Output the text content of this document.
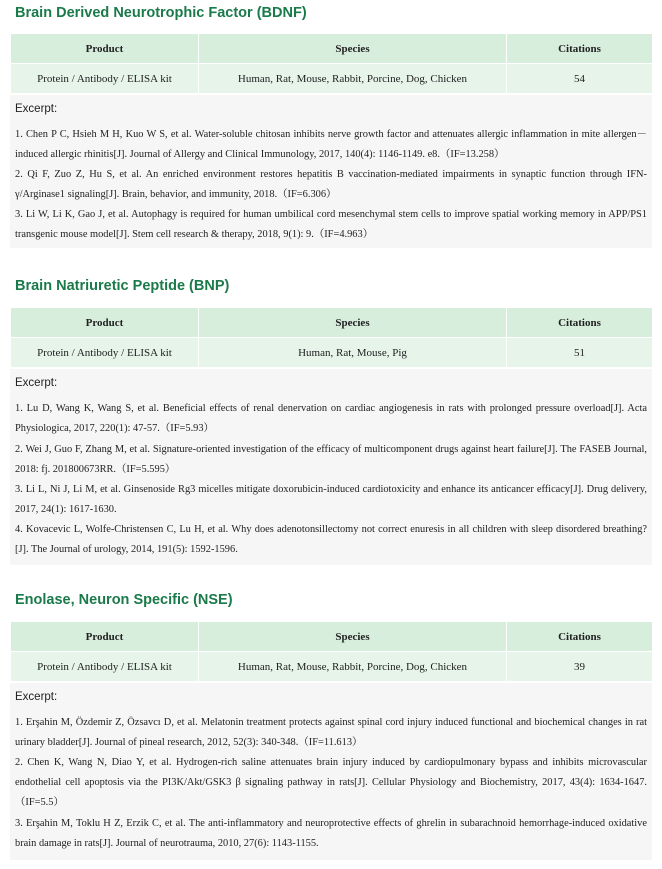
Brain Derived Neurotrophic Factor (BDNF)
Product	Species	Citations
Protein / Antibody / ELISA kit	Human, Rat, Mouse, Rabbit, Porcine, Dog, Chicken	54
Excerpt:
1. Chen P C, Hsieh M H, Kuo W S, et al. Water-soluble chitosan inhibits nerve growth factor and attenuates allergic inflammation in mite allergen－induced allergic rhinitis[J]. Journal of Allergy and Clinical Immunology, 2017, 140(4): 1146-1149. e8.（IF=13.258）
2. Qi F, Zuo Z, Hu S, et al. An enriched environment restores hepatitis B vaccination-mediated impairments in synaptic function through IFN-γ/Arginase1 signaling[J]. Brain, behavior, and immunity, 2018.（IF=6.306）
3. Li W, Li K, Gao J, et al. Autophagy is required for human umbilical cord mesenchymal stem cells to improve spatial working memory in APP/PS1 transgenic mouse model[J]. Stem cell research & therapy, 2018, 9(1): 9.（IF=4.963）
Brain Natriuretic Peptide (BNP)
Product	Species	Citations
Protein / Antibody / ELISA kit	Human, Rat, Mouse, Pig	51
Excerpt:
1. Lu D, Wang K, Wang S, et al. Beneficial effects of renal denervation on cardiac angiogenesis in rats with prolonged pressure overload[J]. Acta Physiologica, 2017, 220(1): 47-57.（IF=5.93）
2. Wei J, Guo F, Zhang M, et al. Signature-oriented investigation of the efficacy of multicomponent drugs against heart failure[J]. The FASEB Journal, 2018: fj. 201800673RR.（IF=5.595）
3. Li L, Ni J, Li M, et al. Ginsenoside Rg3 micelles mitigate doxorubicin-induced cardiotoxicity and enhance its anticancer efficacy[J]. Drug delivery, 2017, 24(1): 1617-1630.
4. Kovacevic L, Wolfe-Christensen C, Lu H, et al. Why does adenotonsillectomy not correct enuresis in all children with sleep disordered breathing?[J]. The Journal of urology, 2014, 191(5): 1592-1596.
Enolase, Neuron Specific (NSE)
Product	Species	Citations
Protein / Antibody / ELISA kit	Human, Rat, Mouse, Rabbit, Porcine, Dog, Chicken	39
Excerpt:
1. Erşahin M, Özdemir Z, Özsavcı D, et al. Melatonin treatment protects against spinal cord injury induced functional and biochemical changes in rat urinary bladder[J]. Journal of pineal research, 2012, 52(3): 340-348.（IF=11.613）
2. Chen K, Wang N, Diao Y, et al. Hydrogen-rich saline attenuates brain injury induced by cardiopulmonary bypass and inhibits microvascular endothelial cell apoptosis via the PI3K/Akt/GSK3 β signaling pathway in rats[J]. Cellular Physiology and Biochemistry, 2017, 43(4): 1634-1647.（IF=5.5）
3. Erşahin M, Toklu H Z, Erzik C, et al. The anti-inflammatory and neuroprotective effects of ghrelin in subarachnoid hemorrhage-induced oxidative brain damage in rats[J]. Journal of neurotrauma, 2010, 27(6): 1143-1155.
